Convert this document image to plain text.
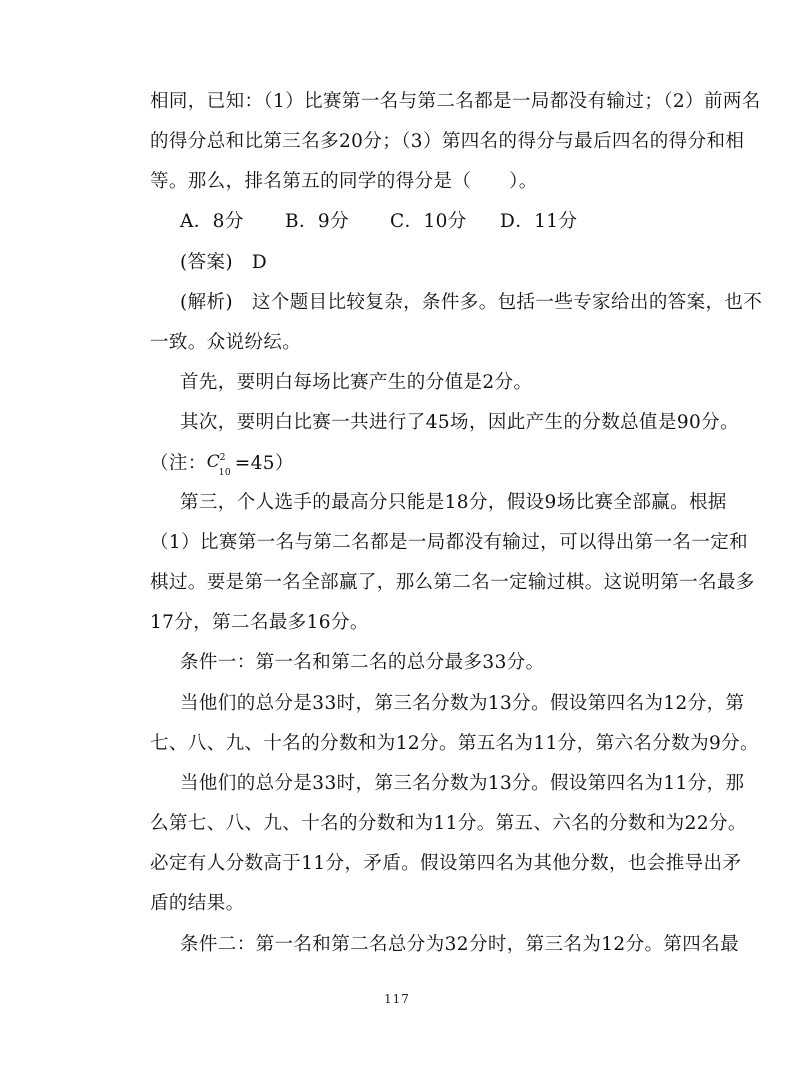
相同，已知：（1）比赛第一名与第二名都是一局都没有输过；（2）前两名
的得分总和比第三名多20分；（3）第四名的得分与最后四名的得分和相
等。那么，排名第五的同学的得分是（　　）。
A．8分 B．9分 C．10分 D．11分
(答案)　D
(解析)　这个题目比较复杂，条件多。包括一些专家给出的答案，也不
一致。众说纷纭。
首先，要明白每场比赛产生的分值是2分。
其次，要明白比赛一共进行了45场，因此产生的分数总值是90分。
（注： C 2
10 =45）
第三，个人选手的最高分只能是18分，假设9场比赛全部赢。根据
（1）比赛第一名与第二名都是一局都没有输过，可以得出第一名一定和
棋过。要是第一名全部赢了，那么第二名一定输过棋。这说明第一名最多
17分，第二名最多16分。
条件一：第一名和第二名的总分最多33分。
当他们的总分是33时，第三名分数为13分。假设第四名为12分，第
七、八、九、十名的分数和为12分。第五名为11分，第六名分数为9分。
当他们的总分是33时，第三名分数为13分。假设第四名为11分，那
么第七、八、九、十名的分数和为11分。第五、六名的分数和为22分。
必定有人分数高于11分，矛盾。假设第四名为其他分数，也会推导出矛
盾的结果。
条件二：第一名和第二名总分为32分时，第三名为12分。第四名最
117
